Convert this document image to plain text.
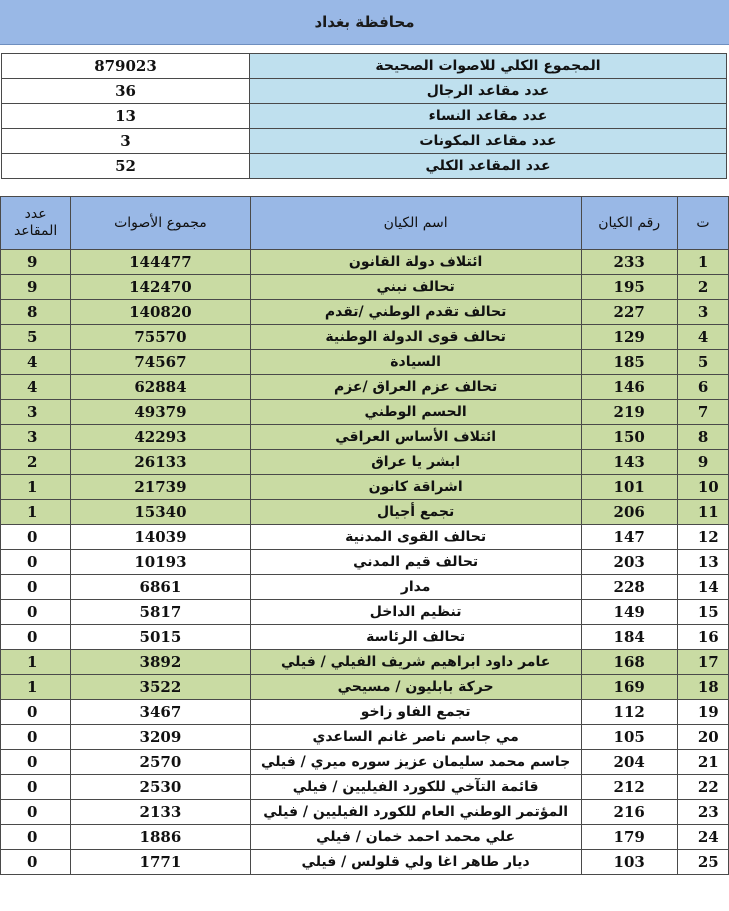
محافظة بغداد
879023	المجموع الكلي للاصوات الصحيحة
36	عدد مقاعد الرجال
13	عدد مقاعد النساء
3	عدد مقاعد المكونات
52	عدد المقاعد الكلي
عدد المقاعد	مجموع الأصوات	اسم الكيان	رقم الكيان	ت
9	144477	ائتلاف دولة القانون	233	1
9	142470	تحالف نبني	195	2
8	140820	تحالف تقدم الوطني /تقدم	227	3
5	75570	تحالف قوى الدولة الوطنية	129	4
4	74567	السيادة	185	5
4	62884	تحالف عزم العراق /عزم	146	6
3	49379	الحسم الوطني	219	7
3	42293	ائتلاف الأساس العراقي	150	8
2	26133	ابشر يا عراق	143	9
1	21739	اشراقة كانون	101	10
1	15340	تجمع أجيال	206	11
0	14039	تحالف القوى المدنية	147	12
0	10193	تحالف قيم المدني	203	13
0	6861	مدار	228	14
0	5817	تنظيم الداخل	149	15
0	5015	تحالف الرئاسة	184	16
1	3892	عامر داود ابراهيم شريف الفيلي / فيلي	168	17
1	3522	حركة بابليون / مسيحي	169	18
0	3467	تجمع الفاو زاخو	112	19
0	3209	مي جاسم ناصر غانم الساعدي	105	20
0	2570	جاسم محمد سليمان عزيز سوره ميري / فيلي	204	21
0	2530	قائمة التآخي للكورد الفيليين / فيلي	212	22
0	2133	المؤتمر الوطني العام للكورد الفيليين / فيلي	216	23
0	1886	علي محمد احمد خمان / فيلي	179	24
0	1771	ديار طاهر اغا ولي قلولس / فيلي	103	25
